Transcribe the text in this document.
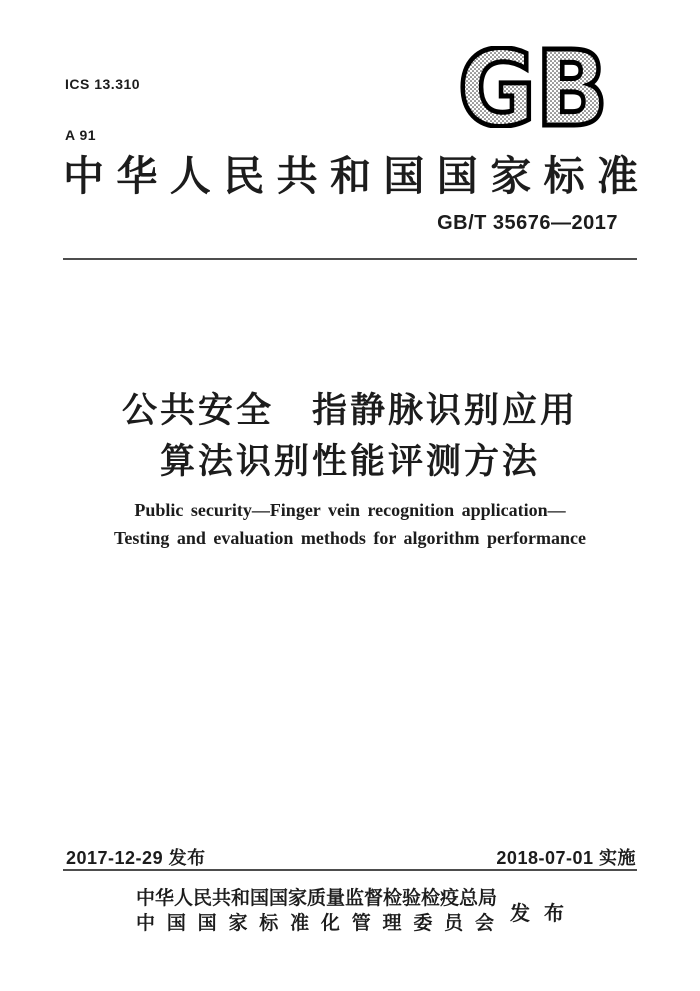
ICS 13.310

A 91

	GB
中华人民共和国国家标准
GB/T 35676—2017
公共安全　指静脉识别应用
算法识别性能评测方法
Public security—Finger vein recognition application—
Testing and evaluation methods for algorithm performance
2017-12-29 发布	2018-07-01 实施
中华人民共和国国家质量监督检验检疫总局
中国国家标准化管理委员会 发布
